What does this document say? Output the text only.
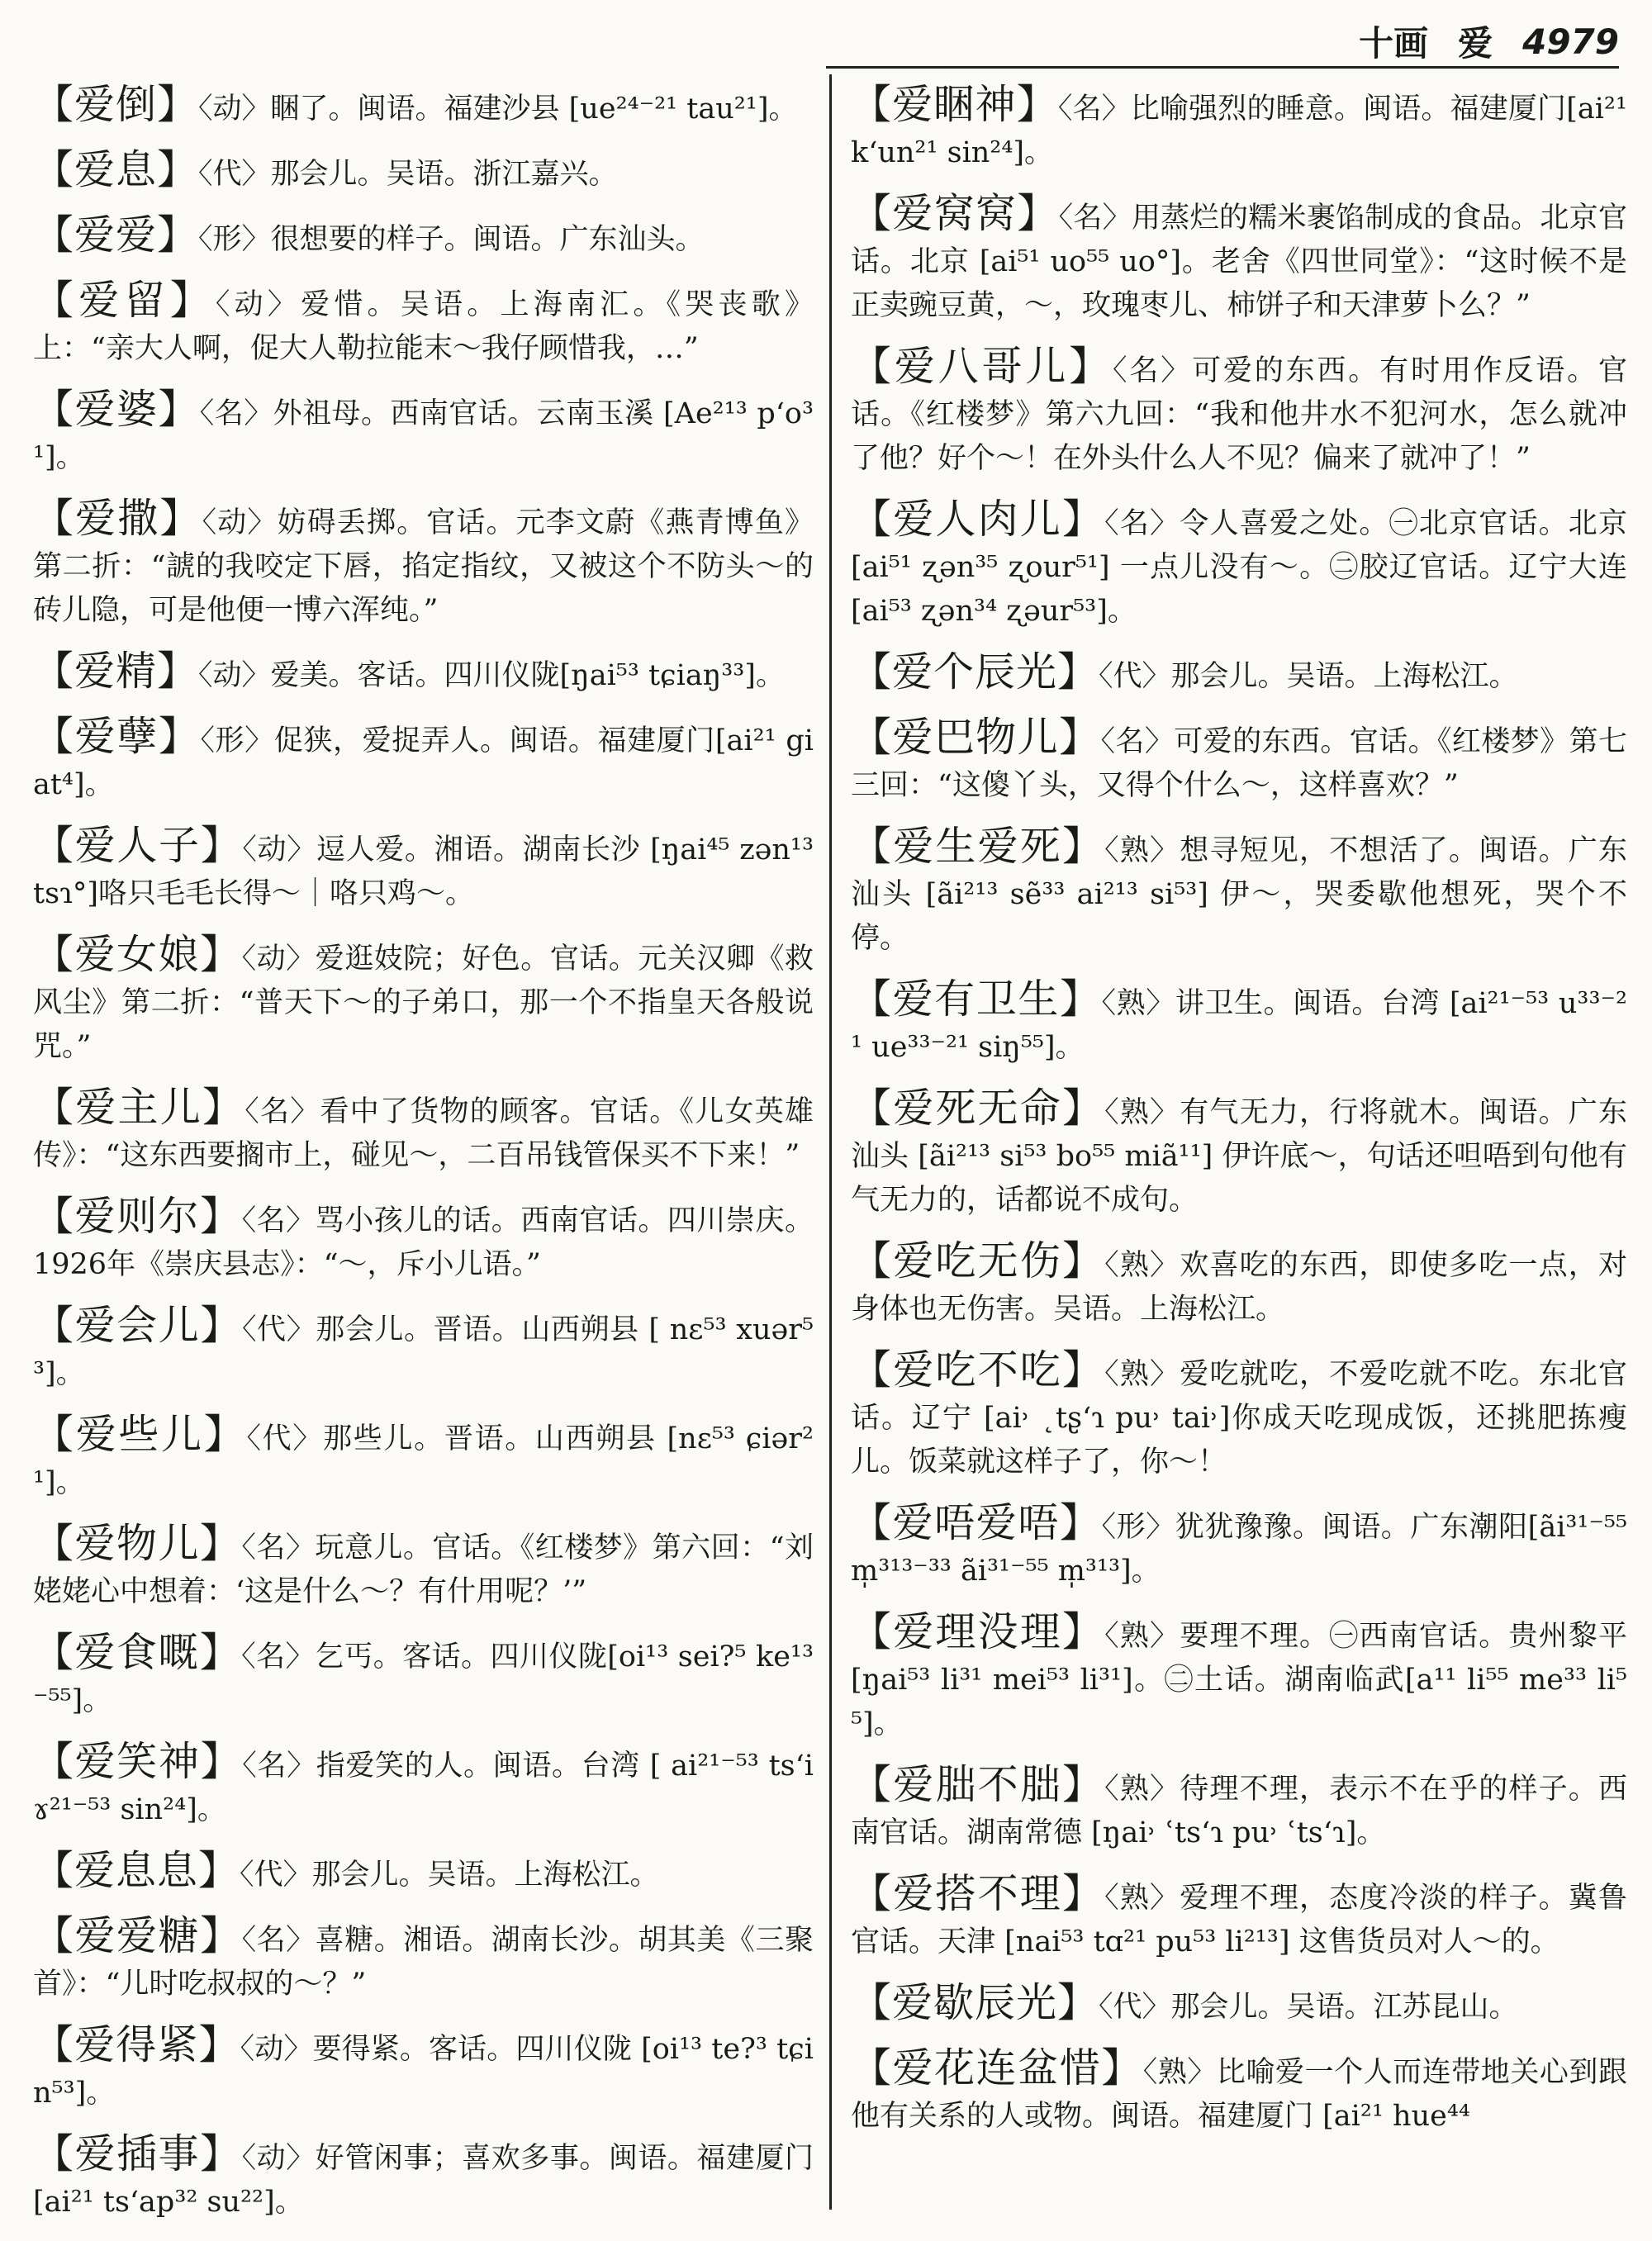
十画 爱 4979
【爱倒】〈动〉睏了。闽语。福建沙县 [ue²⁴⁻²¹ tau²¹]。
【爱息】〈代〉那会儿。吴语。浙江嘉兴。
【爱爱】〈形〉很想要的样子。闽语。广东汕头。
【爱留】〈动〉爱惜。吴语。上海南汇。《哭丧歌》上：“亲大人啊，促大人勒拉能末～我仔顾惜我，…”
【爱婆】〈名〉外祖母。西南官话。云南玉溪 [Ae²¹³ p‘o³¹]。
【爱撒】〈动〉妨碍丢掷。官话。元李文蔚《燕青博鱼》第二折：“諕的我咬定下唇，掐定指纹，又被这个不防头～的砖儿隐，可是他便一博六浑纯。”
【爱精】〈动〉爱美。客话。四川仪陇[ŋai⁵³ tɕiaŋ³³]。
【爱孽】〈形〉促狭，爱捉弄人。闽语。福建厦门[ai²¹ giat⁴]。
【爱人子】〈动〉逗人爱。湘语。湖南长沙 [ŋai⁴⁵ zən¹³ tsɿ°]咯只毛毛长得～｜咯只鸡～。
【爱女娘】〈动〉爱逛妓院；好色。官话。元关汉卿《救风尘》第二折：“普天下～的子弟口，那一个不指皇天各般说咒。”
【爱主儿】〈名〉看中了货物的顾客。官话。《儿女英雄传》：“这东西要搁市上，碰见～，二百吊钱管保买不下来！”
【爱则尔】〈名〉骂小孩儿的话。西南官话。四川崇庆。1926年《崇庆县志》：“～，斥小儿语。”
【爱会儿】〈代〉那会儿。晋语。山西朔县 [ nɛ⁵³ xuər⁵³]。
【爱些儿】〈代〉那些儿。晋语。山西朔县 [nɛ⁵³ ɕiər²¹]。
【爱物儿】〈名〉玩意儿。官话。《红楼梦》第六回：“刘姥姥心中想着：‘这是什么～？有什用呢？’”
【爱食嘅】〈名〉乞丐。客话。四川仪陇[oi¹³ sei?⁵ ke¹³⁻⁵⁵]。
【爱笑神】〈名〉指爱笑的人。闽语。台湾 [ ai²¹⁻⁵³ ts‘iɤ²¹⁻⁵³ sin²⁴]。
【爱息息】〈代〉那会儿。吴语。上海松江。
【爱爱糖】〈名〉喜糖。湘语。湖南长沙。胡其美《三聚首》：“儿时吃叔叔的～？”
【爱得紧】〈动〉要得紧。客话。四川仪陇 [oi¹³ te?³ tɕin⁵³]。
【爱插事】〈动〉好管闲事；喜欢多事。闽语。福建厦门[ai²¹ ts‘ap³² su²²]。
【爱睏神】〈名〉比喻强烈的睡意。闽语。福建厦门[ai²¹ k‘un²¹ sin²⁴]。
【爱窝窝】〈名〉用蒸烂的糯米裹馅制成的食品。北京官话。北京 [ai⁵¹ uo⁵⁵ uo°]。老舍《四世同堂》：“这时候不是正卖豌豆黄，～，玫瑰枣儿、柿饼子和天津萝卜么？”
【爱八哥儿】〈名〉可爱的东西。有时用作反语。官话。《红楼梦》第六九回：“我和他井水不犯河水，怎么就冲了他？好个～！在外头什么人不见？偏来了就冲了！”
【爱人肉儿】〈名〉令人喜爱之处。㊀北京官话。北京[ai⁵¹ ʐən³⁵ ʐour⁵¹] 一点儿没有～。㊁胶辽官话。辽宁大连 [ai⁵³ ʐən³⁴ ʐəur⁵³]。
【爱个辰光】〈代〉那会儿。吴语。上海松江。
【爱巴物儿】〈名〉可爱的东西。官话。《红楼梦》第七三回：“这傻丫头，又得个什么～，这样喜欢？”
【爱生爱死】〈熟〉想寻短见，不想活了。闽语。广东汕头 [ãi²¹³ sẽ³³ ai²¹³ si⁵³] 伊～，哭委歇他想死，哭个不停。
【爱有卫生】〈熟〉讲卫生。闽语。台湾 [ai²¹⁻⁵³ u³³⁻²¹ ue³³⁻²¹ siŋ⁵⁵]。
【爱死无命】〈熟〉有气无力，行将就木。闽语。广东汕头 [ãi²¹³ si⁵³ bo⁵⁵ miã¹¹] 伊许底～，句话还呾唔到句他有气无力的，话都说不成句。
【爱吃无伤】〈熟〉欢喜吃的东西，即使多吃一点，对身体也无伤害。吴语。上海松江。
【爱吃不吃】〈熟〉爱吃就吃，不爱吃就不吃。东北官话。辽宁 [ai˒ ˛tʂ‘ɿ pu˒ tai˒]你成天吃现成饭，还挑肥拣瘦儿。饭菜就这样子了，你～！
【爱唔爱唔】〈形〉犹犹豫豫。闽语。广东潮阳[ãi³¹⁻⁵⁵ m̩³¹³⁻³³ ãi³¹⁻⁵⁵ m̩³¹³]。
【爱理没理】〈熟〉要理不理。㊀西南官话。贵州黎平[ŋai⁵³ li³¹ mei⁵³ li³¹]。㊁土话。湖南临武[a¹¹ li⁵⁵ me³³ li⁵⁵]。
【爱朏不朏】〈熟〉待理不理，表示不在乎的样子。西南官话。湖南常德 [ŋai˒ ʿts‘ɿ pu˒ ʿts‘ɿ]。
【爱搭不理】〈熟〉爱理不理，态度冷淡的样子。冀鲁官话。天津 [nai⁵³ tɑ²¹ pu⁵³ li²¹³] 这售货员对人～的。
【爱歇辰光】〈代〉那会儿。吴语。江苏昆山。
【爱花连盆惜】〈熟〉比喻爱一个人而连带地关心到跟他有关系的人或物。闽语。福建厦门 [ai²¹ hue⁴⁴
